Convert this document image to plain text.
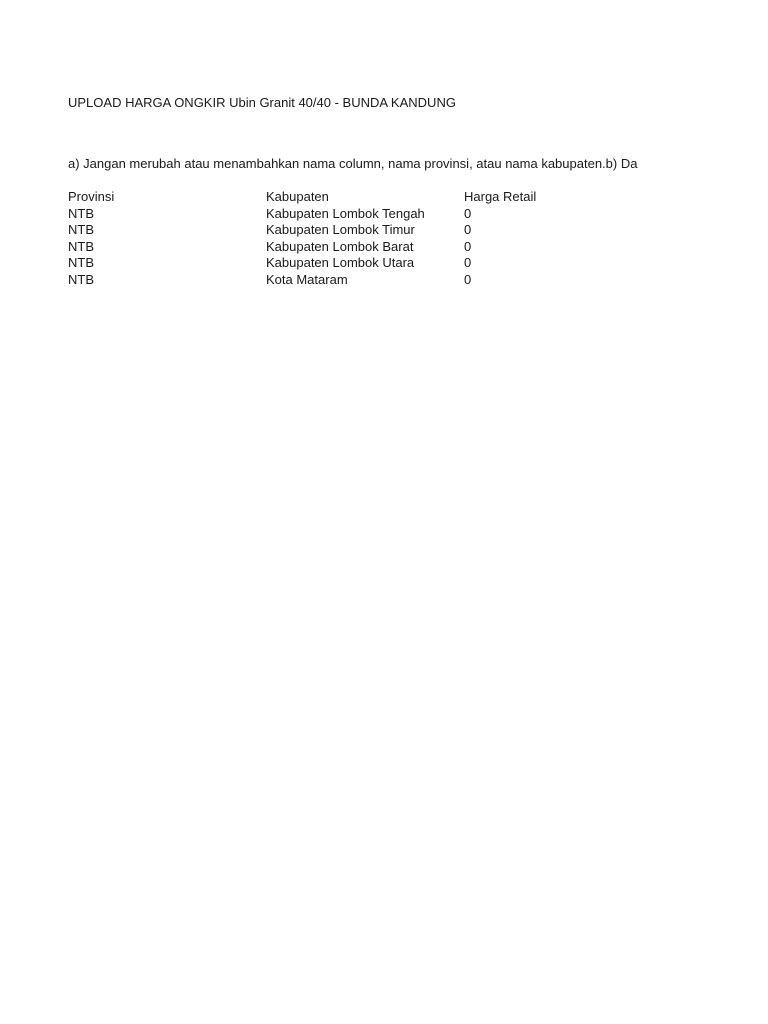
UPLOAD HARGA ONGKIR Ubin Granit 40/40 - BUNDA KANDUNG
a) Jangan merubah atau menambahkan nama column, nama provinsi, atau nama kabupaten.b) Da
Provinsi	Kabupaten	Harga Retail
NTB	Kabupaten Lombok Tengah	0
NTB	Kabupaten Lombok Timur	0
NTB	Kabupaten Lombok Barat	0
NTB	Kabupaten Lombok Utara	0
NTB	Kota Mataram	0
